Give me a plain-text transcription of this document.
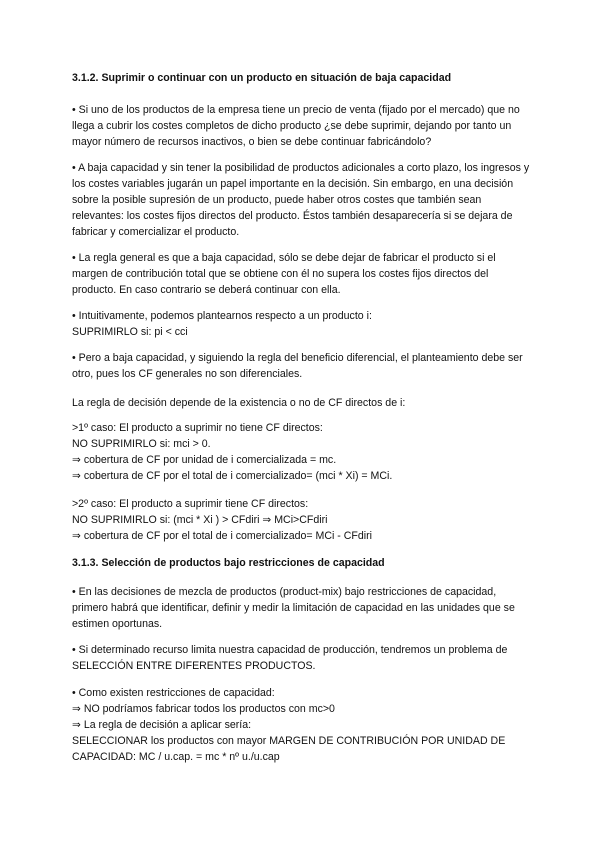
3.1.2. Suprimir o continuar con un producto en situación de baja capacidad

• Si uno de los productos de la empresa tiene un precio de venta (fijado por el mercado) que no llega a cubrir los costes completos de dicho producto ¿se debe suprimir, dejando por tanto un mayor número de recursos inactivos, o bien se debe continuar fabricándolo?

• A baja capacidad y sin tener la posibilidad de productos adicionales a corto plazo, los ingresos y los costes variables jugarán un papel importante en la decisión. Sin embargo, en una decisión sobre la posible supresión de un producto, puede haber otros costes que también sean relevantes: los costes fijos directos del producto. Éstos también desaparecería si se dejara de fabricar y comercializar el producto.

• La regla general es que a baja capacidad, sólo se debe dejar de fabricar el producto si el margen de contribución total que se obtiene con él no supera los costes fijos directos del producto. En caso contrario se deberá continuar con ella.

• Intuitivamente, podemos plantearnos respecto a un producto i:
SUPRIMIRLO si: pi < cci

• Pero a baja capacidad, y siguiendo la regla del beneficio diferencial, el planteamiento debe ser otro, pues los CF generales no son diferenciales.

La regla de decisión depende de la existencia o no de CF directos de i:

>1º caso: El producto a suprimir no tiene CF directos:
NO SUPRIMIRLO si: mci > 0.
⇒ cobertura de CF por unidad de i comercializada = mc.
⇒ cobertura de CF por el total de i comercializado= (mci * Xi) = MCi.
>2º caso: El producto a suprimir tiene CF directos:
NO SUPRIMIRLO si: (mci * Xi ) > CFdiri ⇒ MCi>CFdiri
⇒ cobertura de CF por el total de i comercializado= MCi - CFdiri

3.1.3. Selección de productos bajo restricciones de capacidad

• En las decisiones de mezcla de productos (product-mix) bajo restricciones de capacidad, primero habrá que identificar, definir y medir la limitación de capacidad en las unidades que se estimen oportunas.

• Si determinado recurso limita nuestra capacidad de producción, tendremos un problema de SELECCIÓN ENTRE DIFERENTES PRODUCTOS.

• Como existen restricciones de capacidad:
⇒ NO podríamos fabricar todos los productos con mc>0
⇒ La regla de decisión a aplicar sería:
SELECCIONAR los productos con mayor MARGEN DE CONTRIBUCIÓN POR UNIDAD DE CAPACIDAD: MC / u.cap. = mc * nº u./u.cap
